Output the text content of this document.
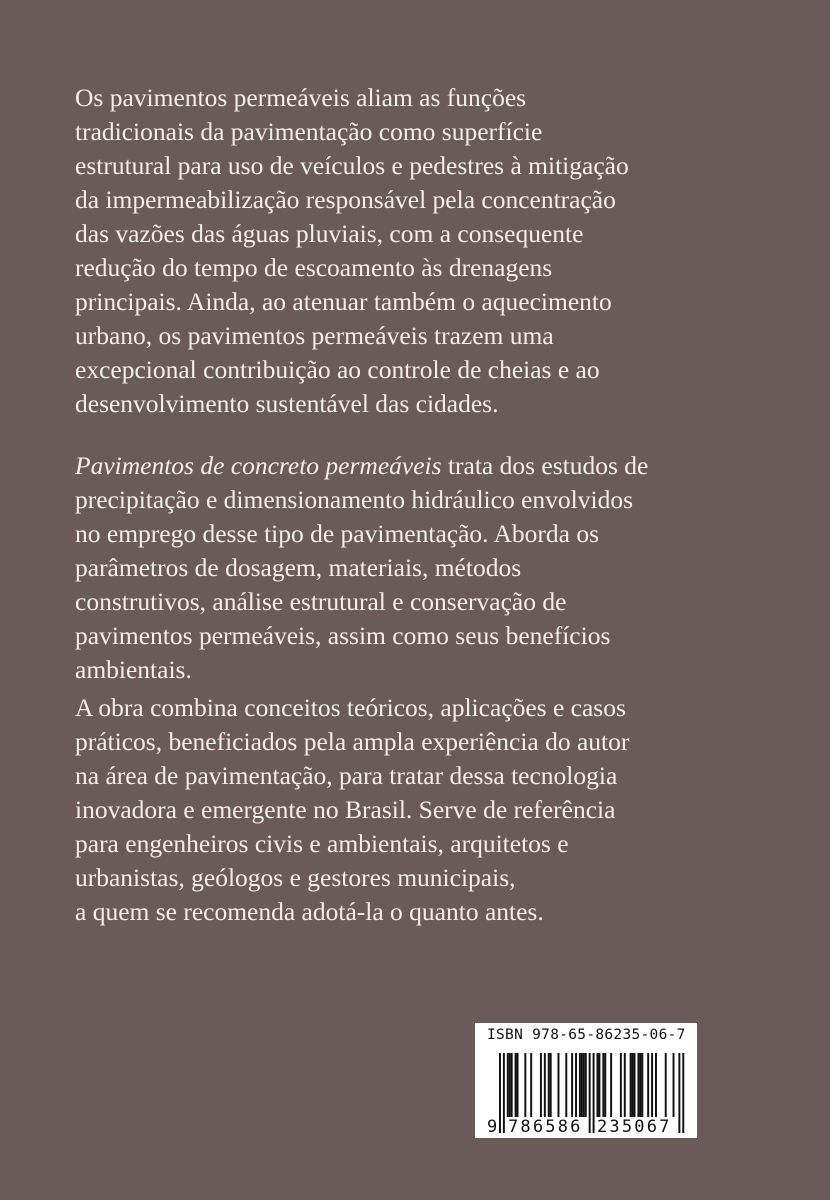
Os pavimentos permeáveis aliam as funções
tradicionais da pavimentação como superfície
estrutural para uso de veículos e pedestres à mitigação
da impermeabilização responsável pela concentração
das vazões das águas pluviais, com a consequente
redução do tempo de escoamento às drenagens
principais. Ainda, ao atenuar também o aquecimento
urbano, os pavimentos permeáveis trazem uma
excepcional contribuição ao controle de cheias e ao
desenvolvimento sustentável das cidades.
Pavimentos de concreto permeáveis trata dos estudos de
precipitação e dimensionamento hidráulico envolvidos
no emprego desse tipo de pavimentação. Aborda os
parâmetros de dosagem, materiais, métodos
construtivos, análise estrutural e conservação de
pavimentos permeáveis, assim como seus benefícios
ambientais.
A obra combina conceitos teóricos, aplicações e casos
práticos, beneficiados pela ampla experiência do autor
na área de pavimentação, para tratar dessa tecnologia
inovadora e emergente no Brasil. Serve de referência
para engenheiros civis e ambientais, arquitetos e
urbanistas, geólogos e gestores municipais,
a quem se recomenda adotá-la o quanto antes.
ISBN 978-65-86235-06-7
9 786586 235067
